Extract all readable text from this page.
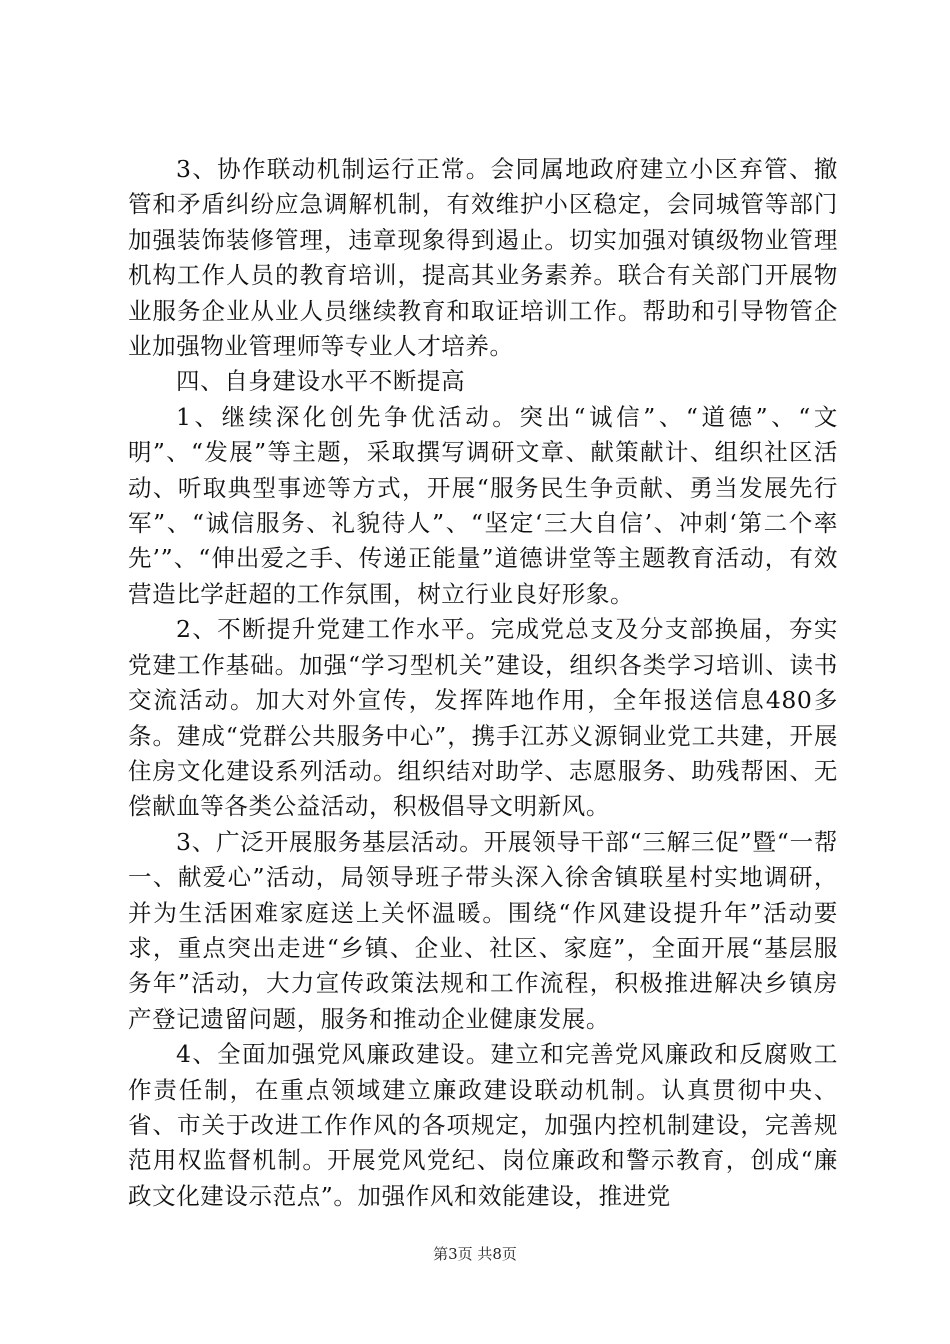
3、协作联动机制运行正常。会同属地政府建立小区弃管、撤管和矛盾纠纷应急调解机制，有效维护小区稳定，会同城管等部门加强装饰装修管理，违章现象得到遏止。切实加强对镇级物业管理机构工作人员的教育培训，提高其业务素养。联合有关部门开展物业服务企业从业人员继续教育和取证培训工作。帮助和引导物管企业加强物业管理师等专业人才培养。

四、自身建设水平不断提高

1、继续深化创先争优活动。突出“诚信”、“道德”、“文明”、“发展”等主题，采取撰写调研文章、献策献计、组织社区活动、听取典型事迹等方式，开展“服务民生争贡献、勇当发展先行军”、“诚信服务、礼貌待人”、“坚定‘三大自信’、冲刺‘第二个率先’”、“伸出爱之手、传递正能量”道德讲堂等主题教育活动，有效营造比学赶超的工作氛围，树立行业良好形象。

2、不断提升党建工作水平。完成党总支及分支部换届，夯实党建工作基础。加强“学习型机关”建设，组织各类学习培训、读书交流活动。加大对外宣传，发挥阵地作用，全年报送信息480多条。建成“党群公共服务中心”，携手江苏义源铜业党工共建，开展住房文化建设系列活动。组织结对助学、志愿服务、助残帮困、无偿献血等各类公益活动，积极倡导文明新风。

3、广泛开展服务基层活动。开展领导干部“三解三促”暨“一帮一、献爱心”活动，局领导班子带头深入徐舍镇联星村实地调研，并为生活困难家庭送上关怀温暖。围绕“作风建设提升年”活动要求，重点突出走进“乡镇、企业、社区、家庭”，全面开展“基层服务年”活动，大力宣传政策法规和工作流程，积极推进解决乡镇房产登记遗留问题，服务和推动企业健康发展。

4、全面加强党风廉政建设。建立和完善党风廉政和反腐败工作责任制，在重点领域建立廉政建设联动机制。认真贯彻中央、省、市关于改进工作作风的各项规定，加强内控机制建设，完善规范用权监督机制。开展党风党纪、岗位廉政和警示教育，创成“廉政文化建设示范点”。加强作风和效能建设，推进党

第3页 共8页
